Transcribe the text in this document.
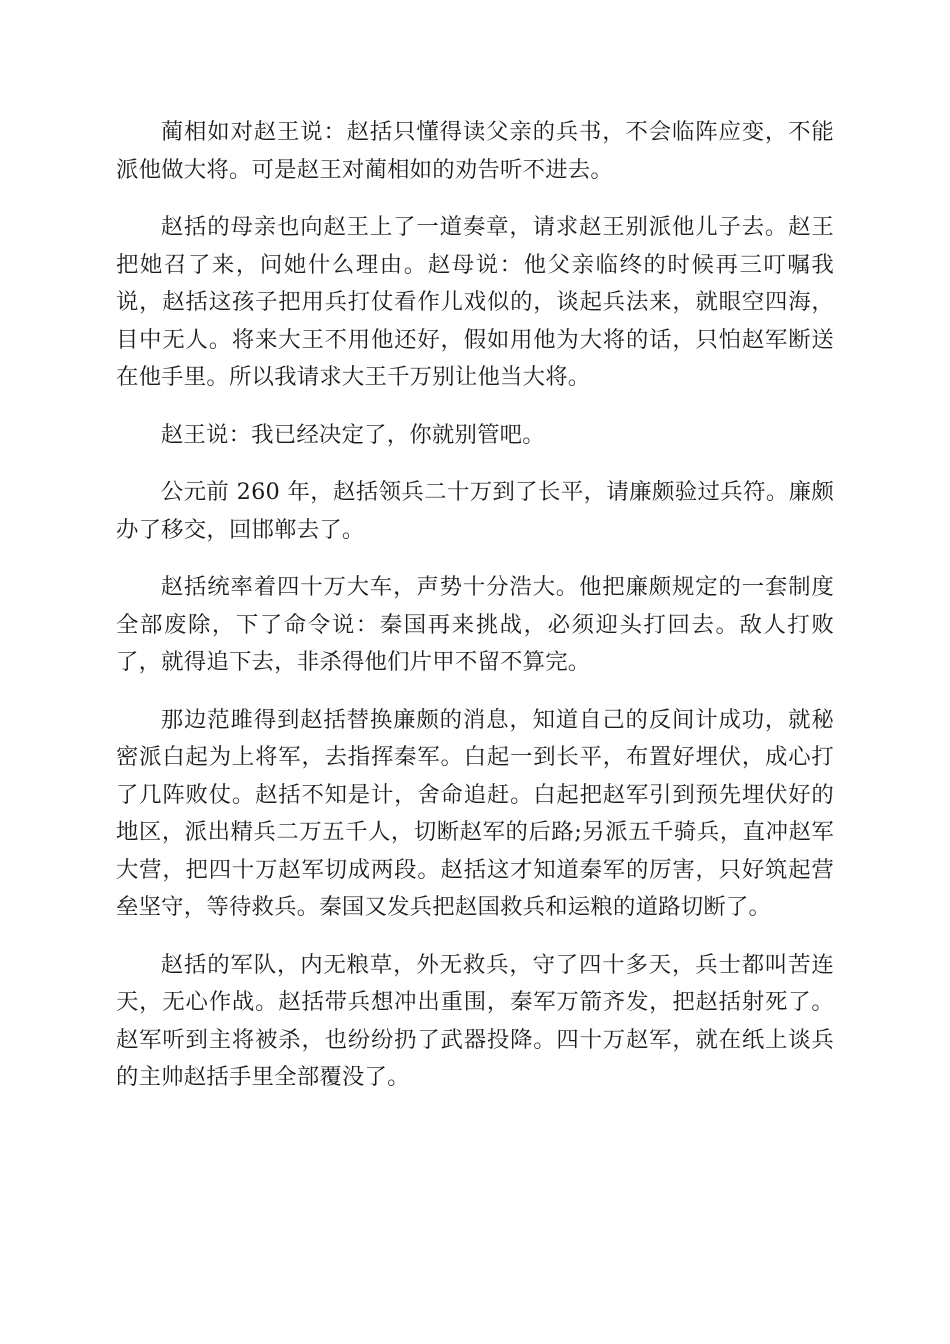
蔺相如对赵王说：赵括只懂得读父亲的兵书，不会临阵应变，不能派他做大将。可是赵王对蔺相如的劝告听不进去。

赵括的母亲也向赵王上了一道奏章，请求赵王别派他儿子去。赵王把她召了来，问她什么理由。赵母说：他父亲临终的时候再三叮嘱我说，赵括这孩子把用兵打仗看作儿戏似的，谈起兵法来，就眼空四海，目中无人。将来大王不用他还好，假如用他为大将的话，只怕赵军断送在他手里。所以我请求大王千万别让他当大将。

赵王说：我已经决定了，你就别管吧。

公元前 260 年，赵括领兵二十万到了长平，请廉颇验过兵符。廉颇办了移交，回邯郸去了。

赵括统率着四十万大车，声势十分浩大。他把廉颇规定的一套制度全部废除，下了命令说：秦国再来挑战，必须迎头打回去。敌人打败了，就得追下去，非杀得他们片甲不留不算完。

那边范雎得到赵括替换廉颇的消息，知道自己的反间计成功，就秘密派白起为上将军，去指挥秦军。白起一到长平，布置好埋伏，成心打了几阵败仗。赵括不知是计，舍命追赶。白起把赵军引到预先埋伏好的地区，派出精兵二万五千人，切断赵军的后路;另派五千骑兵，直冲赵军大营，把四十万赵军切成两段。赵括这才知道秦军的厉害，只好筑起营垒坚守，等待救兵。秦国又发兵把赵国救兵和运粮的道路切断了。

赵括的军队，内无粮草，外无救兵，守了四十多天，兵士都叫苦连天，无心作战。赵括带兵想冲出重围，秦军万箭齐发，把赵括射死了。赵军听到主将被杀，也纷纷扔了武器投降。四十万赵军，就在纸上谈兵的主帅赵括手里全部覆没了。
